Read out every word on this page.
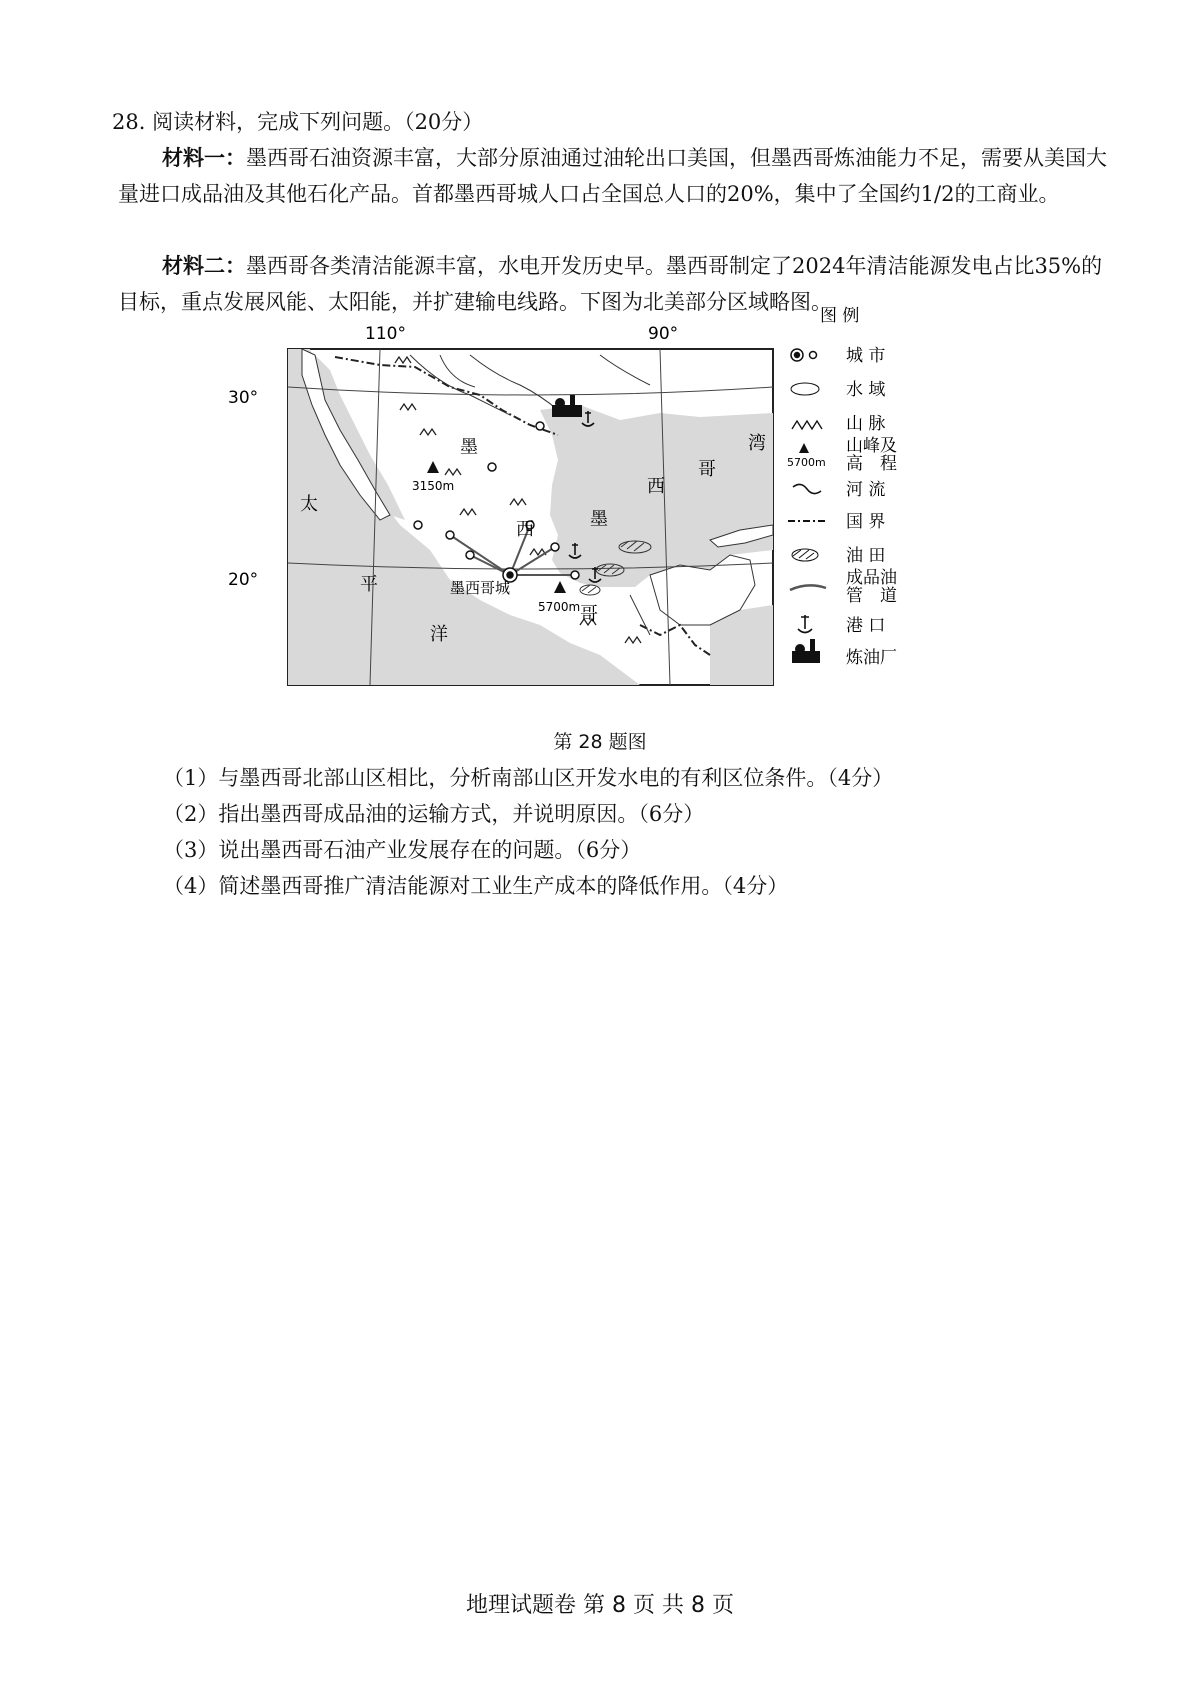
28. 阅读材料，完成下列问题。（20分）
材料一：墨西哥石油资源丰富，大部分原油通过油轮出口美国，但墨西哥炼油能力不足，需要从美国大量进口成品油及其他石化产品。首都墨西哥城人口占全国总人口的20%，集中了全国约1/2的工商业。
材料二：墨西哥各类清洁能源丰富，水电开发历史早。墨西哥制定了2024年清洁能源发电占比35%的目标，重点发展风能、太阳能，并扩建输电线路。下图为北美部分区域略图。
110°	90°
30°
20°
墨
西
湾
哥
西
墨
太
平
洋
哥
墨西哥城
3150m
5700m
图 例
城 市
水 域
山 脉
5700m
山峰及
高　程
河 流
国 界
油 田
成品油
管　道
港 口
炼油厂
第 28 题图
（1）与墨西哥北部山区相比，分析南部山区开发水电的有利区位条件。（4分）
（2）指出墨西哥成品油的运输方式，并说明原因。（6分）
（3）说出墨西哥石油产业发展存在的问题。（6分）
（4）简述墨西哥推广清洁能源对工业生产成本的降低作用。（4分）
地理试题卷 第 8 页 共 8 页
